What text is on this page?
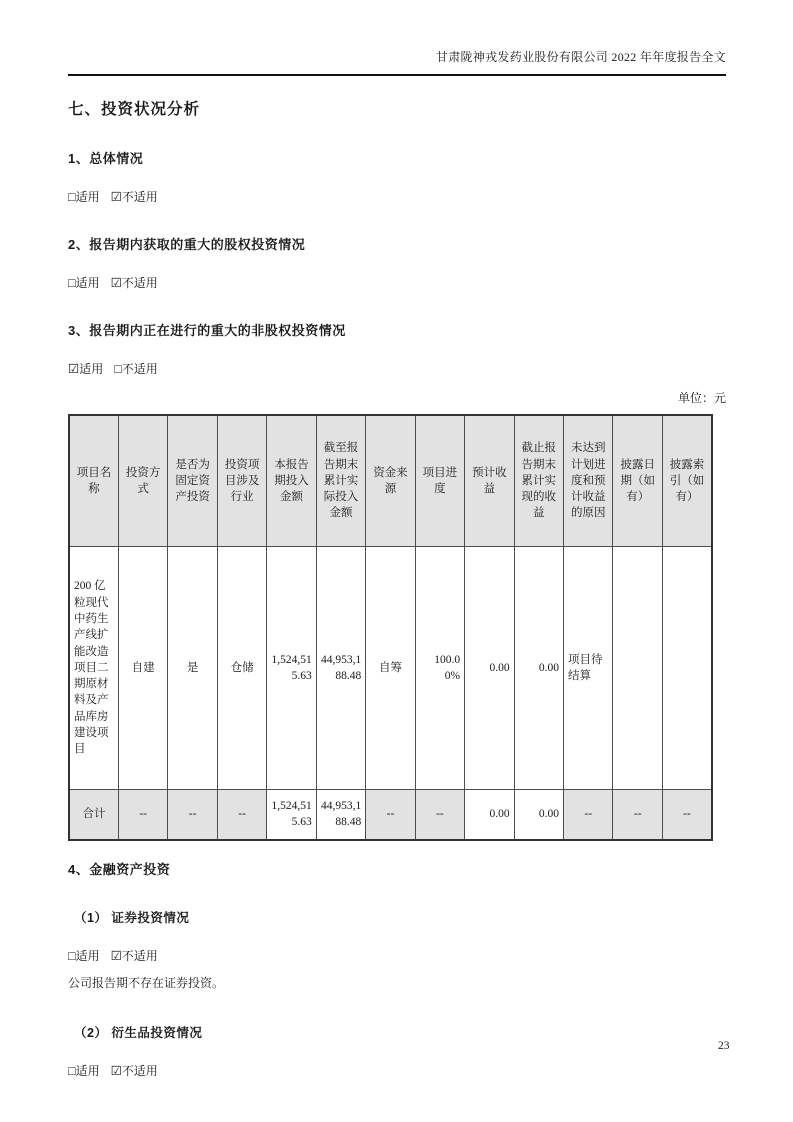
甘肃陇神戎发药业股份有限公司 2022 年年度报告全文
七、投资状况分析
1、总体情况
□适用 ☑不适用
2、报告期内获取的重大的股权投资情况
□适用 ☑不适用
3、报告期内正在进行的重大的非股权投资情况
☑适用 □不适用
单位：元
项目名称	投资方式	是否为固定资产投资	投资项目涉及行业	本报告期投入金额	截至报告期末累计实际投入金额	资金来源	项目进度	预计收益	截止报告期末累计实现的收益	未达到计划进度和预计收益的原因	披露日期（如有）	披露索引（如有）
200 亿粒现代中药生产线扩能改造项目二期原材料及产品库房建设项目	自建	是	仓储	1,524,515.63	44,953,188.48	自筹	100.00%	0.00	0.00	项目待结算		
合计	--	--	--	1,524,515.63	44,953,188.48	--	--	0.00	0.00	--	--	--
4、金融资产投资
（1） 证券投资情况
□适用 ☑不适用

公司报告期不存在证券投资。

（2） 衍生品投资情况
□适用 ☑不适用
23
